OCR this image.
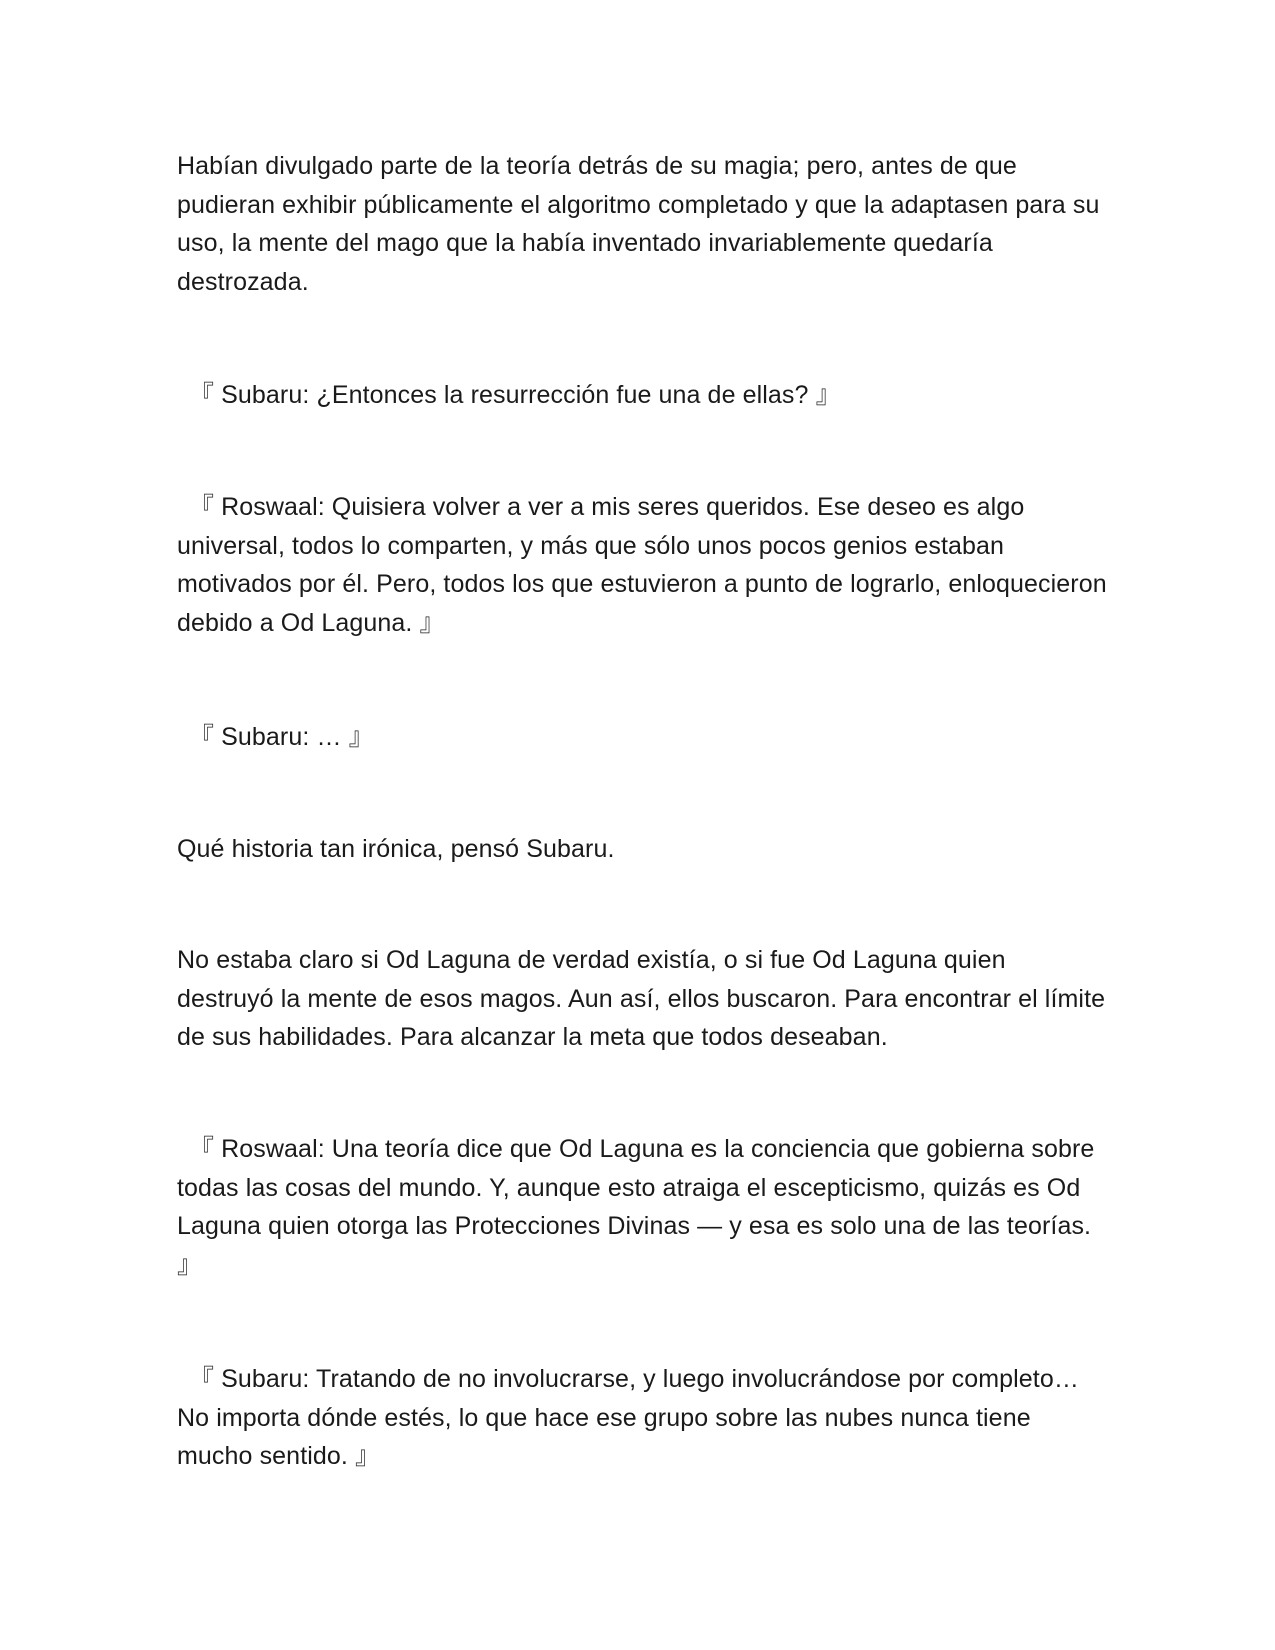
Habían divulgado parte de la teoría detrás de su magia; pero, antes de que pudieran exhibir públicamente el algoritmo completado y que la adaptasen para su uso, la mente del mago que la había inventado invariablemente quedaría destrozada.

『 Subaru: ¿Entonces la resurrección fue una de ellas? 』

『 Roswaal: Quisiera volver a ver a mis seres queridos. Ese deseo es algo universal, todos lo comparten, y más que sólo unos pocos genios estaban motivados por él. Pero, todos los que estuvieron a punto de lograrlo, enloquecieron debido a Od Laguna. 』

『 Subaru: … 』

Qué historia tan irónica, pensó Subaru.

No estaba claro si Od Laguna de verdad existía, o si fue Od Laguna quien destruyó la mente de esos magos. Aun así, ellos buscaron. Para encontrar el límite de sus habilidades. Para alcanzar la meta que todos deseaban.

『 Roswaal: Una teoría dice que Od Laguna es la conciencia que gobierna sobre todas las cosas del mundo. Y, aunque esto atraiga el escepticismo, quizás es Od Laguna quien otorga las Protecciones Divinas — y esa es solo una de las teorías. 』

『 Subaru: Tratando de no involucrarse, y luego involucrándose por completo… No importa dónde estés, lo que hace ese grupo sobre las nubes nunca tiene mucho sentido. 』
